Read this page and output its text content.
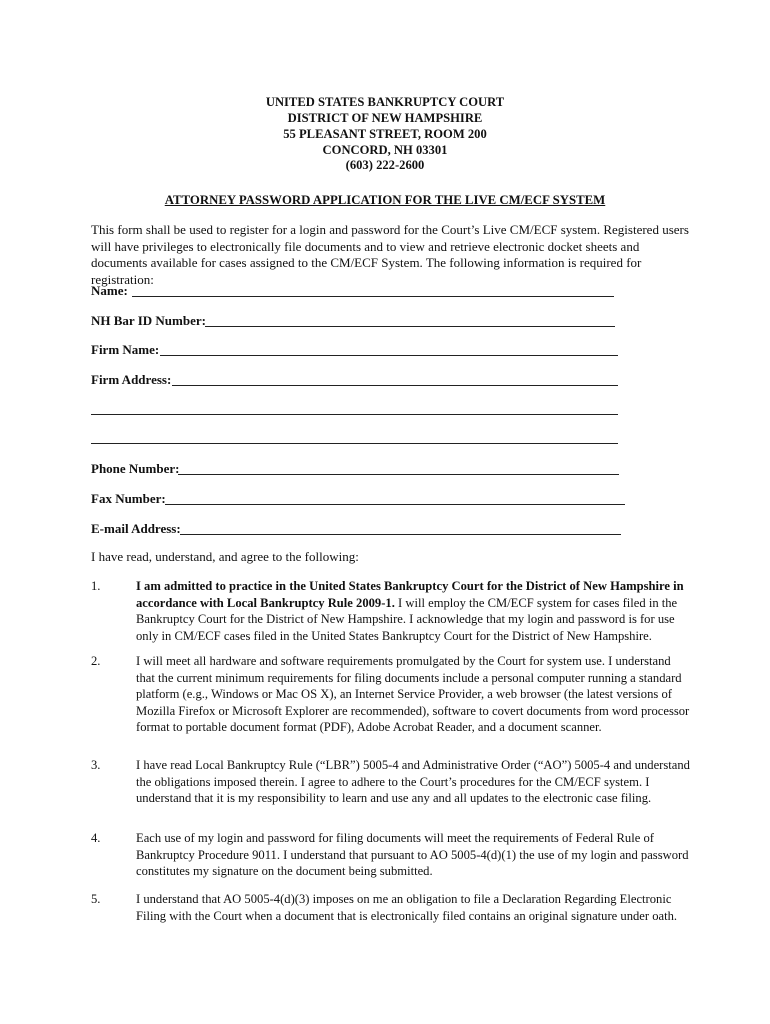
UNITED STATES BANKRUPTCY COURT
DISTRICT OF NEW HAMPSHIRE
55 PLEASANT STREET, ROOM 200
CONCORD, NH 03301
(603) 222-2600
ATTORNEY PASSWORD APPLICATION FOR THE LIVE CM/ECF SYSTEM
This form shall be used to register for a login and password for the Court’s Live CM/ECF system. Registered users will have privileges to electronically file documents and to view and retrieve electronic docket sheets and documents available for cases assigned to the CM/ECF System. The following information is required for registration:
Name:
NH Bar ID Number:
Firm Name:
Firm Address:
Phone Number:
Fax Number:
E-mail Address:
I have read, understand, and agree to the following:
1.	I am admitted to practice in the United States Bankruptcy Court for the District of New Hampshire in accordance with Local Bankruptcy Rule 2009-1. I will employ the CM/ECF system for cases filed in the Bankruptcy Court for the District of New Hampshire. I acknowledge that my login and password is for use only in CM/ECF cases filed in the United States Bankruptcy Court for the District of New Hampshire.
2.	I will meet all hardware and software requirements promulgated by the Court for system use. I understand that the current minimum requirements for filing documents include a personal computer running a standard platform (e.g., Windows or Mac OS X), an Internet Service Provider, a web browser (the latest versions of Mozilla Firefox or Microsoft Explorer are recommended), software to covert documents from word processor format to portable document format (PDF), Adobe Acrobat Reader, and a document scanner.
3.	I have read Local Bankruptcy Rule (“LBR”) 5005-4 and Administrative Order (“AO”) 5005-4 and understand the obligations imposed therein. I agree to adhere to the Court’s procedures for the CM/ECF system. I understand that it is my responsibility to learn and use any and all updates to the electronic case filing.
4.	Each use of my login and password for filing documents will meet the requirements of Federal Rule of Bankruptcy Procedure 9011. I understand that pursuant to AO 5005-4(d)(1) the use of my login and password constitutes my signature on the document being submitted.
5.	I understand that AO 5005-4(d)(3) imposes on me an obligation to file a Declaration Regarding Electronic Filing with the Court when a document that is electronically filed contains an original signature under oath.
